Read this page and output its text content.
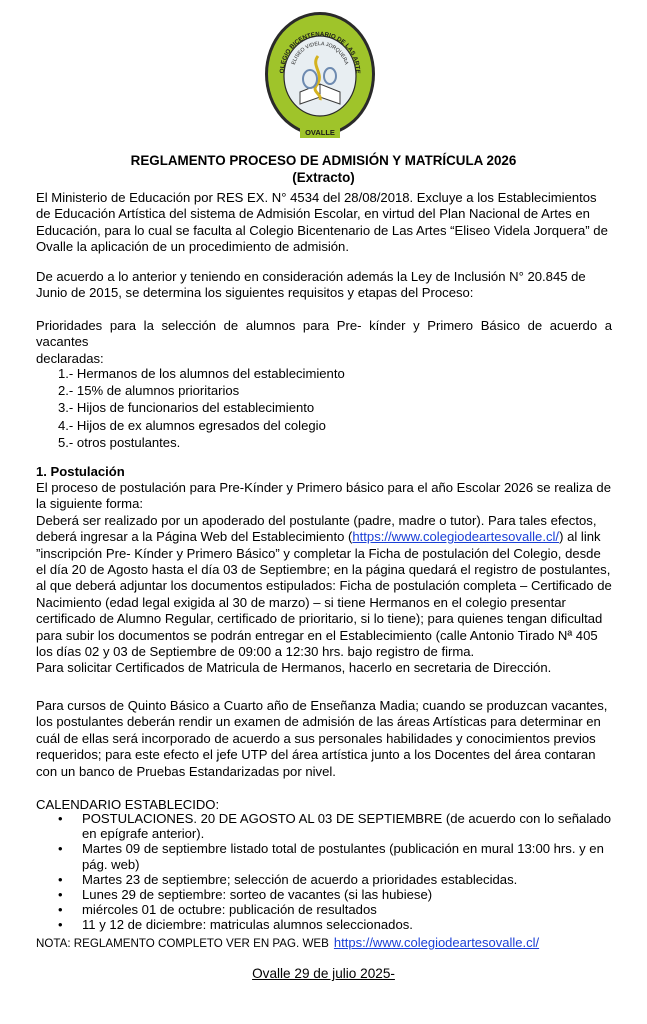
OLEGIO BICENTENARIO DE LAS ARTE
ELISEO VIDELA JORQUERA
OVALLE
REGLAMENTO PROCESO DE ADMISIÓN Y MATRÍCULA 2026
(Extracto)
El Ministerio de Educación por RES EX. N° 4534 del 28/08/2018. Excluye a los Establecimientos
de Educación Artística del sistema de Admisión Escolar, en virtud del Plan Nacional de Artes en
Educación, para lo cual se faculta al Colegio Bicentenario de Las Artes “Eliseo Videla Jorquera” de
Ovalle la aplicación de un procedimiento de admisión.
De acuerdo a lo anterior y teniendo en consideración además la Ley de Inclusión N° 20.845 de
Junio de 2015, se determina los siguientes requisitos y etapas del Proceso:
Prioridades para la selección de alumnos para Pre- kínder y Primero Básico de acuerdo a vacantes
declaradas:
1.- Hermanos de los alumnos del establecimiento
2.- 15% de alumnos prioritarios
3.- Hijos de funcionarios del establecimiento
4.- Hijos de ex alumnos egresados del colegio
5.- otros postulantes.
1. Postulación
El proceso de postulación para Pre-Kínder y Primero básico para el año Escolar 2026 se realiza de
la siguiente forma:
Deberá ser realizado por un apoderado del postulante (padre, madre o tutor). Para tales efectos,
deberá ingresar a la Página Web del Establecimiento (https://www.colegiodeartesovalle.cl/) al link
”inscripción Pre- Kínder y Primero Básico” y completar la Ficha de postulación del Colegio, desde
el día 20 de Agosto hasta el día 03 de Septiembre; en la página quedará el registro de postulantes,
al que deberá adjuntar los documentos estipulados: Ficha de postulación completa – Certificado de
Nacimiento (edad legal exigida al 30 de marzo) – si tiene Hermanos en el colegio presentar
certificado de Alumno Regular, certificado de prioritario, si lo tiene); para quienes tengan dificultad
para subir los documentos se podrán entregar en el Establecimiento (calle Antonio Tirado Nª 405
los días 02 y 03 de Septiembre de 09:00 a 12:30 hrs. bajo registro de firma.
Para solicitar Certificados de Matricula de Hermanos, hacerlo en secretaria de Dirección.
Para cursos de Quinto Básico a Cuarto año de Enseñanza Madia; cuando se produzcan vacantes,
los postulantes deberán rendir un examen de admisión de las áreas Artísticas para determinar en
cuál de ellas será incorporado de acuerdo a sus personales habilidades y conocimientos previos
requeridos; para este efecto el jefe UTP del área artística junto a los Docentes del área contaran
con un banco de Pruebas Estandarizadas por nivel.
CALENDARIO ESTABLECIDO:
• POSTULACIONES. 20 DE AGOSTO AL 03 DE SEPTIEMBRE (de acuerdo con lo señalado en epígrafe anterior).
• Martes 09 de septiembre listado total de postulantes (publicación en mural 13:00 hrs. y en pág. web)
• Martes 23 de septiembre; selección de acuerdo a prioridades establecidas.
• Lunes 29 de septiembre: sorteo de vacantes (si las hubiese)
• miércoles 01 de octubre: publicación de resultados
• 11 y 12 de diciembre: matriculas alumnos seleccionados.
NOTA: REGLAMENTO COMPLETO VER EN PAG. WEB https://www.colegiodeartesovalle.cl/
Ovalle 29 de julio 2025-
